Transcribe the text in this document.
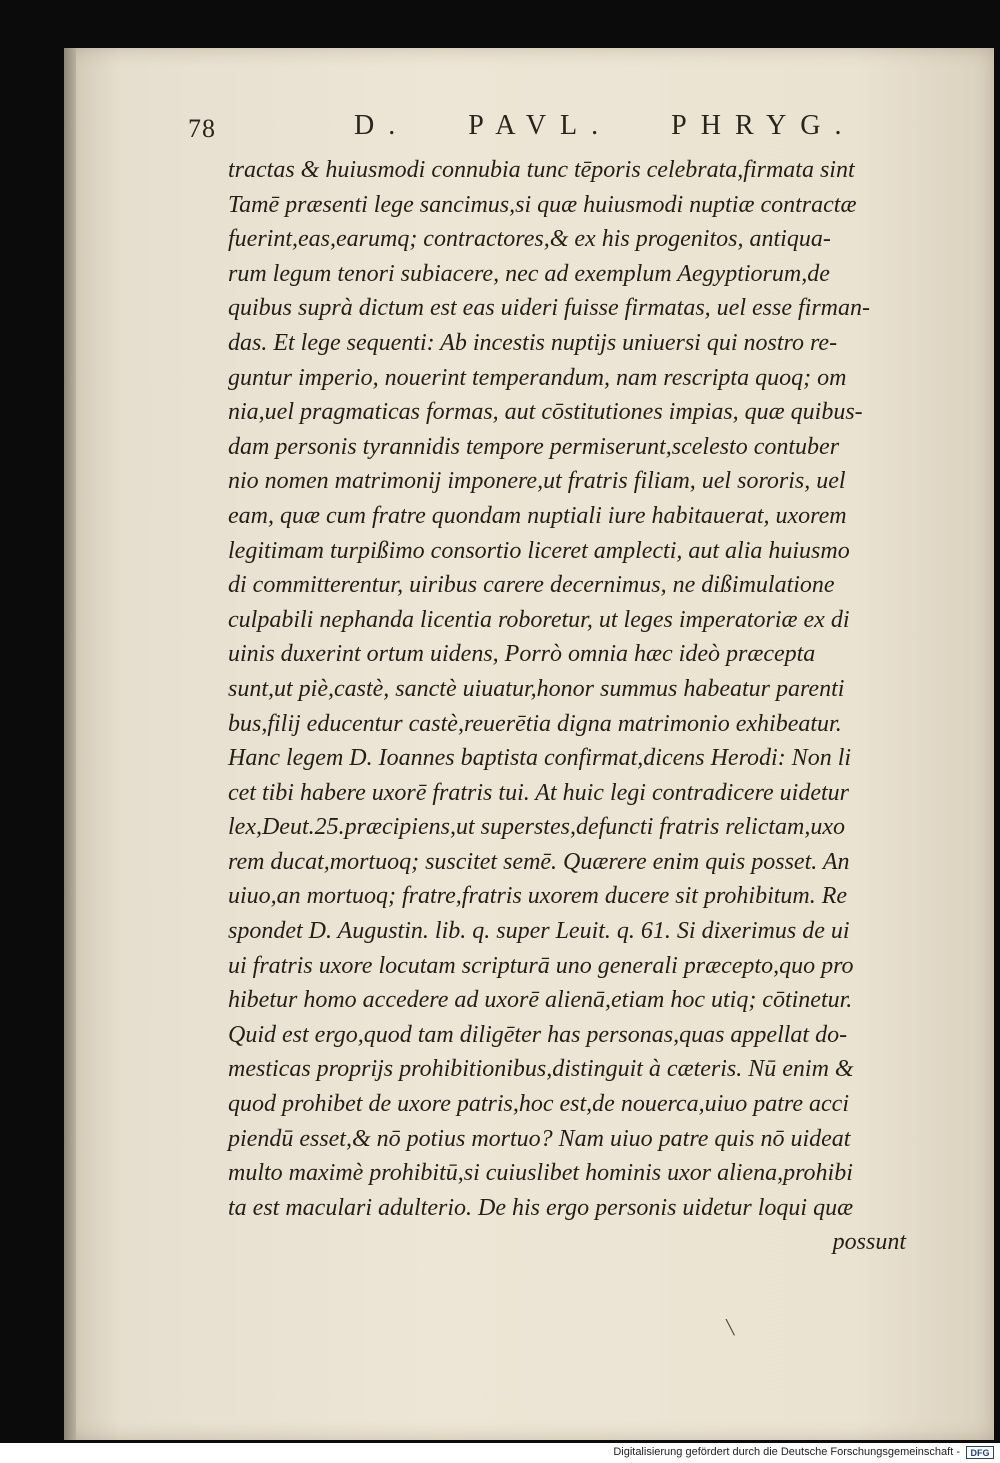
78	D. PAVL. PHRYG.
tractas & huiusmodi connubia tunc tēporis celebrata,firmata sint
Tamē præsenti lege sancimus,si quæ huiusmodi nuptiæ contractæ
fuerint,eas,earumq; contractores,& ex his progenitos, antiqua-
rum legum tenori subiacere, nec ad exemplum Aegyptiorum,de
quibus suprà dictum est eas uideri fuisse firmatas, uel esse firman-
das. Et lege sequenti: Ab incestis nuptijs uniuersi qui nostro re-
guntur imperio, nouerint temperandum, nam rescripta quoq; om
nia,uel pragmaticas formas, aut cōstitutiones impias, quæ quibus-
dam personis tyrannidis tempore permiserunt,scelesto contuber
nio nomen matrimonij imponere,ut fratris filiam, uel sororis, uel
eam, quæ cum fratre quondam nuptiali iure habitauerat, uxorem
legitimam turpißimo consortio liceret amplecti, aut alia huiusmo
di committerentur, uiribus carere decernimus, ne dißimulatione
culpabili nephanda licentia roboretur, ut leges imperatoriæ ex di
uinis duxerint ortum uidens, Porrò omnia hæc ideò præcepta
sunt,ut piè,castè, sanctè uiuatur,honor summus habeatur parenti
bus,filij educentur castè,reuerētia digna matrimonio exhibeatur.
Hanc legem D. Ioannes baptista confirmat,dicens Herodi: Non li
cet tibi habere uxorē fratris tui. At huic legi contradicere uidetur
lex,Deut.25.præcipiens,ut superstes,defuncti fratris relictam,uxo
rem ducat,mortuoq; suscitet semē. Quærere enim quis posset. An
uiuo,an mortuoq; fratre,fratris uxorem ducere sit prohibitum. Re
spondet D. Augustin. lib. q. super Leuit. q. 61. Si dixerimus de ui
ui fratris uxore locutam scripturā uno generali præcepto,quo pro
hibetur homo accedere ad uxorē alienā,etiam hoc utiq; cōtinetur.
Quid est ergo,quod tam diligēter has personas,quas appellat do-
mesticas proprijs prohibitionibus,distinguit à cæteris. Nū enim &
quod prohibet de uxore patris,hoc est,de nouerca,uiuo patre acci
piendū esset,& nō potius mortuo? Nam uiuo patre quis nō uideat
multo maximè prohibitū,si cuiuslibet hominis uxor aliena,prohibi
ta est maculari adulterio. De his ergo personis uidetur loqui quæ
possunt
╲
Digitalisierung gefördert durch die Deutsche Forschungsgemeinschaft -	DFG
